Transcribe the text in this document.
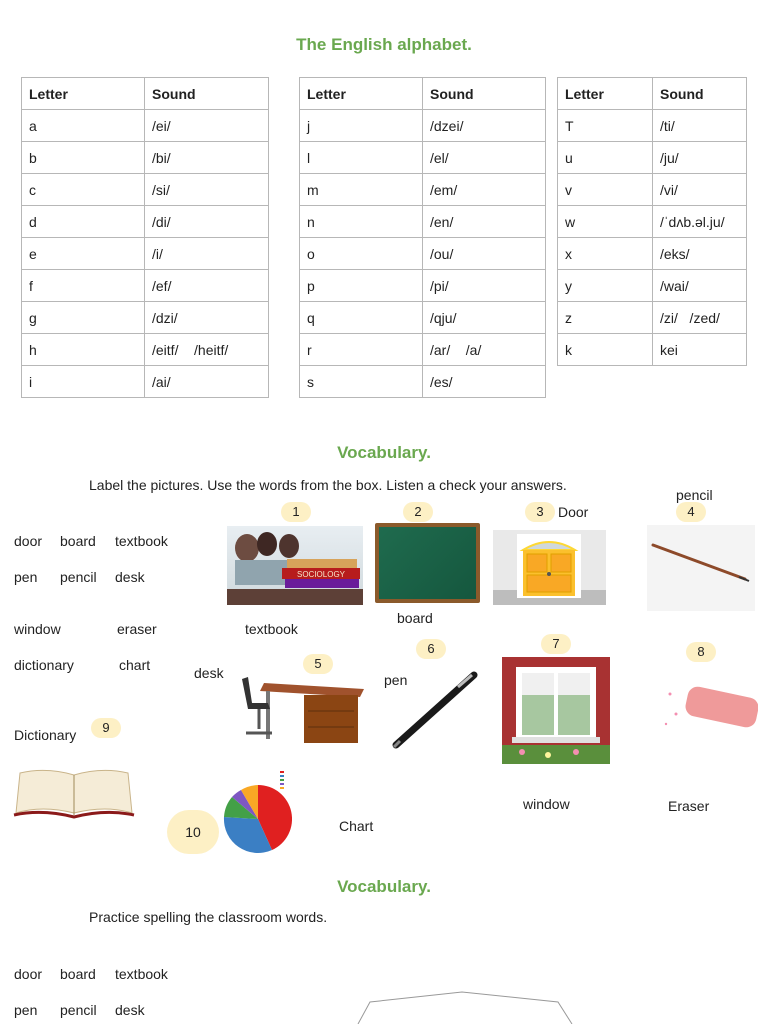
The English alphabet.
Letter	Sound
a	/ei/
b	/bi/
c	/si/
d	/di/
e	/i/
f	/ef/
g	/dzi/
h	/eitf/    /heitf/
i	/ai/
Letter	Sound
j	/dzei/
l	/el/
m	/em/
n	/en/
o	/ou/
p	/pi/
q	/qju/
r	/ar/    /a/
s	/es/
Letter	Sound
T	/ti/
u	/ju/
v	/vi/
w	/ˈdʌb.əl.ju/
x	/eks/
y	/wai/
z	/zi/   /zed/
k	kei
Vocabulary.
Label the pictures. Use the words from the box. Listen a check your answers.
door board textbook
pen pencil desk
window	eraser
dictionary	chart
1	2	3	4
5
6	7
8
9
10
pencil
Door
board
textbook
desk	pen
Dictionary
Chart
window	Eraser
SOCIOLOGY
Vocabulary.
Practice spelling the classroom words.
door board textbook
pen pencil desk
